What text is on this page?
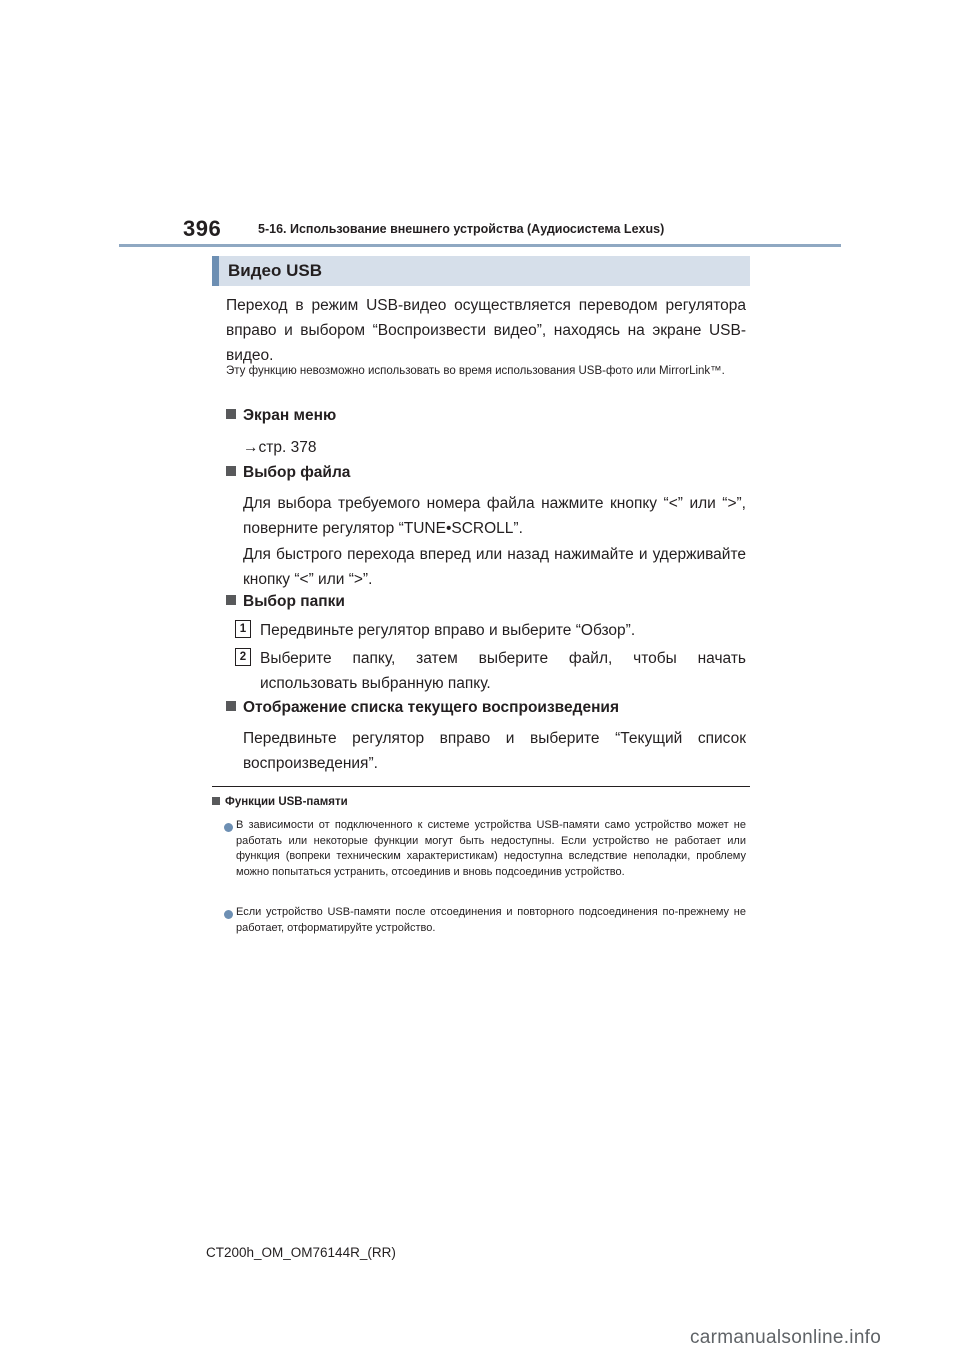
396	5-16. Использование внешнего устройства (Аудиосистема Lexus)
Видео USB
Переход в режим USB-видео осуществляется переводом регулятора вправо и выбором “Воспроизвести видео”, находясь на экране USB-видео.
Эту функцию невозможно использовать во время использования USB-фото или MirrorLink™.
Экран меню
→стр. 378
Выбор файла
Для выбора требуемого номера файла нажмите кнопку “<” или “>”, поверните регулятор “TUNE•SCROLL”.
Для быстрого перехода вперед или назад нажимайте и удерживайте кнопку “<” или “>”.
Выбор папки
1 Передвиньте регулятор вправо и выберите “Обзор”.
2 Выберите папку, затем выберите файл, чтобы начать использовать выбранную папку.
Отображение списка текущего воспроизведения
Передвиньте регулятор вправо и выберите “Текущий список воспроизведения”.
Функции USB-памяти
В зависимости от подключенного к системе устройства USB-памяти само устройство может не работать или некоторые функции могут быть недоступны. Если устройство не работает или функция (вопреки техническим характеристикам) недоступна вследствие неполадки, проблему можно попытаться устранить, отсоединив и вновь подсоединив устройство.
Если устройство USB-памяти после отсоединения и повторного подсоединения по-прежнему не работает, отформатируйте устройство.
CT200h_OM_OM76144R_(RR)
carmanualsonline.info
